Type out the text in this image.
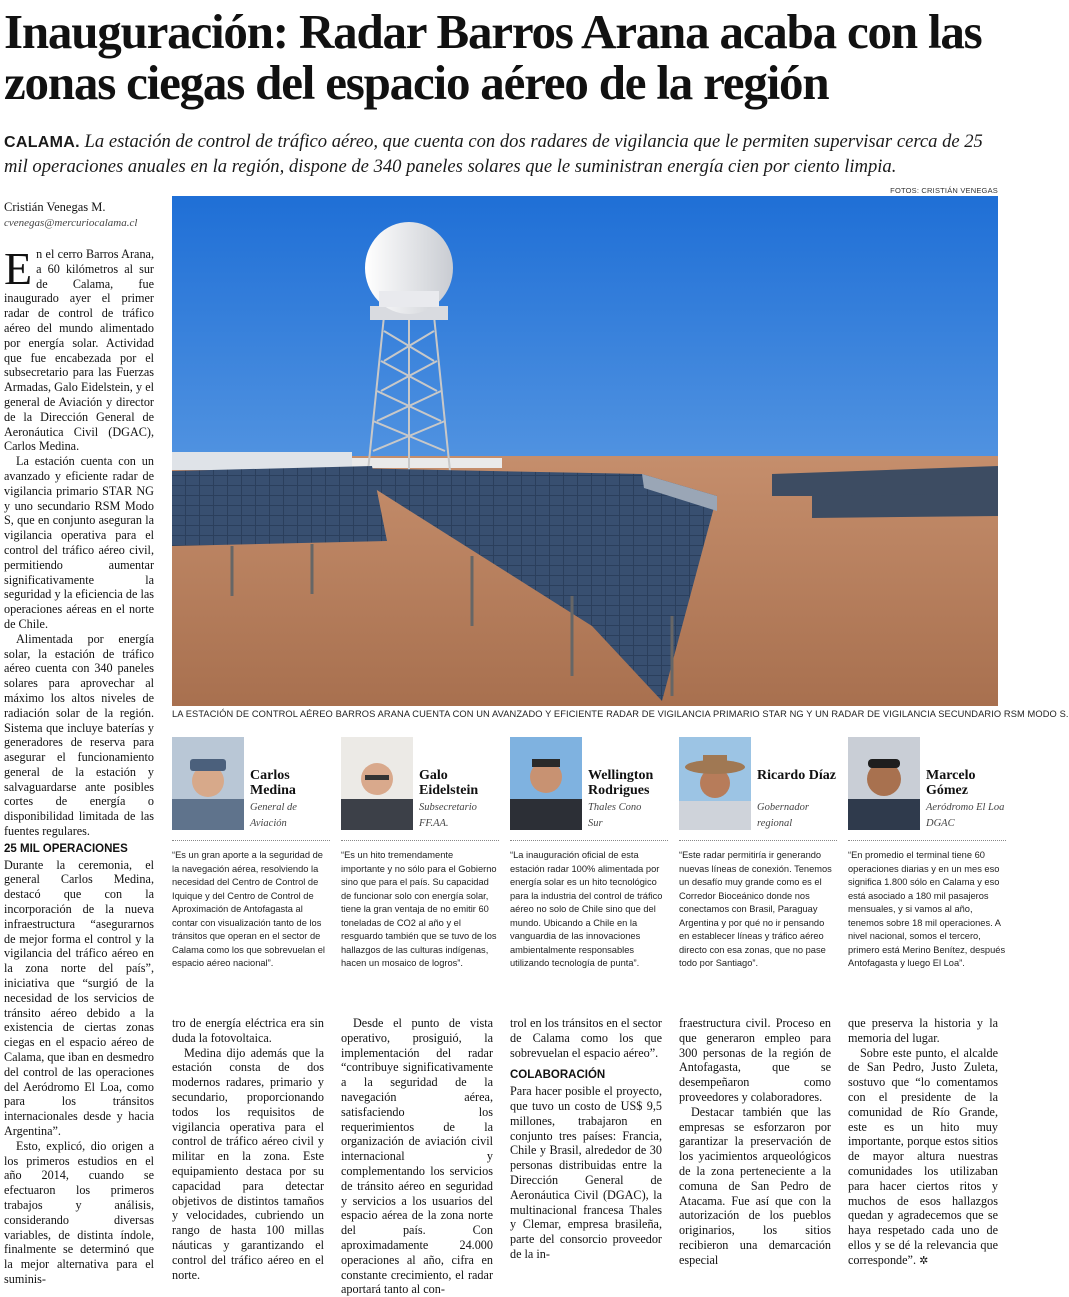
Inauguración: Radar Barros Arana acaba con las zonas ciegas del espacio aéreo de la región
CALAMA. La estación de control de tráfico aéreo, que cuenta con dos radares de vigilancia que le permiten supervisar cerca de 25 mil operaciones anuales en la región, dispone de 340 paneles solares que le suministran energía cien por ciento limpia.
Cristián Venegas M.
cvenegas@mercuriocalama.cl
FOTOS: CRISTIÁN VENEGAS
LA ESTACIÓN DE CONTROL AÉREO BARROS ARANA CUENTA CON UN AVANZADO Y EFICIENTE RADAR DE VIGILANCIA PRIMARIO STAR NG Y UN RADAR DE VIGILANCIA SECUNDARIO RSM MODO S.

En el cerro Barros Arana, a 60 kilómetros al sur de Calama, fue inaugurado ayer el primer radar de control de tráfico aéreo del mundo alimentado por energía solar. Actividad que fue encabezada por el subsecretario para las Fuerzas Armadas, Galo Eidelstein, y el general de Aviación y director de la Dirección General de Aeronáutica Civil (DGAC), Carlos Medina.

La estación cuenta con un avanzado y eficiente radar de vigilancia primario STAR NG y uno secundario RSM Modo S, que en conjunto aseguran la vigilancia operativa para el control del tráfico aéreo civil, permitiendo aumentar significativamente la seguridad y la eficiencia de las operaciones aéreas en el norte de Chile.

Alimentada por energía solar, la estación de tráfico aéreo cuenta con 340 paneles solares para aprovechar al máximo los altos niveles de radiación solar de la región. Sistema que incluye baterías y generadores de reserva para asegurar el funcionamiento general de la estación y salvaguardarse ante posibles cortes de energía o disponibilidad limitada de las fuentes regulares.

25 MIL OPERACIONES

Durante la ceremonia, el general Carlos Medina, destacó que con la incorporación de la nueva infraestructura “asegurarnos de mejor forma el control y la vigilancia del tráfico aéreo en la zona norte del país”, iniciativa que “surgió de la necesidad de los servicios de tránsito aéreo debido a la existencia de ciertas zonas ciegas en el espacio aéreo de Calama, que iban en desmedro del control de las operaciones del Aeródromo El Loa, como para los tránsitos internacionales desde y hacia Argentina”.

Esto, explicó, dio origen a los primeros estudios en el año 2014, cuando se efectuaron los primeros trabajos y análisis, considerando diversas variables, de distinta índole, finalmente se determinó que la mejor alternativa para el suminis-

Carlos Medina
General de Aviación
“Es un gran aporte a la seguridad de la navegación aérea, resolviendo la necesidad del Centro de Control de Iquique y del Centro de Control de Aproximación de Antofagasta al contar con visualización tanto de los tránsitos que operan en el sector de Calama como los que sobrevuelan el espacio aéreo nacional”.
Galo Eidelstein
Subsecretario FF.AA.
“Es un hito tremendamente importante y no sólo para el Gobierno sino que para el país. Su capacidad de funcionar solo con energía solar, tiene la gran ventaja de no emitir 60 toneladas de CO2 al año y el resguardo también que se tuvo de los hallazgos de las culturas indígenas, hacen un mosaico de logros”.
Wellington Rodrigues
Thales Cono Sur
“La inauguración oficial de esta estación radar 100% alimentada por energía solar es un hito tecnológico para la industria del control de tráfico aéreo no solo de Chile sino que del mundo. Ubicando a Chile en la vanguardia de las innovaciones ambientalmente responsables utilizando tecnología de punta”.
Ricardo Díaz
Gobernador regional
“Este radar permitiría ir generando nuevas líneas de conexión. Tenemos un desafío muy grande como es el Corredor Bioceánico donde nos conectamos con Brasil, Paraguay Argentina y por qué no ir pensando en establecer líneas y tráfico aéreo directo con esa zonas, que no pase todo por Santiago”.
Marcelo Gómez
Aeródromo El Loa DGAC
“En promedio el terminal tiene 60 operaciones diarias y en un mes eso significa 1.800 sólo en Calama y eso está asociado a 180 mil pasajeros mensuales, y si vamos al año, tenemos sobre 18 mil operaciones. A nivel nacional, somos el tercero, primero está Merino Benítez, después Antofagasta y luego El Loa”.

tro de energía eléctrica era sin duda la fotovoltaica.

Medina dijo además que la estación consta de dos modernos radares, primario y secundario, proporcionando todos los requisitos de vigilancia operativa para el control de tráfico aéreo civil y militar en la zona. Este equipamiento destaca por su capacidad para detectar objetivos de distintos tamaños y velocidades, cubriendo un rango de hasta 100 millas náuticas y garantizando el control del tráfico aéreo en el norte.

Desde el punto de vista operativo, prosiguió, la implementación del radar “contribuye significativamente a la seguridad de la navegación aérea, satisfaciendo los requerimientos de la organización de aviación civil internacional y complementando los servicios de tránsito aéreo en seguridad y servicios a los usuarios del espacio aérea de la zona norte del país. Con aproximadamente 24.000 operaciones al año, cifra en constante crecimiento, el radar aportará tanto al con-

trol en los tránsitos en el sector de Calama como los que sobrevuelan el espacio aéreo”.

COLABORACIÓN

Para hacer posible el proyecto, que tuvo un costo de US$ 9,5 millones, trabajaron en conjunto tres países: Francia, Chile y Brasil, alrededor de 30 personas distribuidas entre la Dirección General de Aeronáutica Civil (DGAC), la multinacional francesa Thales y Clemar, empresa brasileña, parte del consorcio proveedor de la in-

fraestructura civil. Proceso en que generaron empleo para 300 personas de la región de Antofagasta, que se desempeñaron como proveedores y colaboradores.

Destacar también que las empresas se esforzaron por garantizar la preservación de los yacimientos arqueológicos de la zona perteneciente a la comuna de San Pedro de Atacama. Fue así que con la autorización de los pueblos originarios, los sitios recibieron una demarcación especial

que preserva la historia y la memoria del lugar.

Sobre este punto, el alcalde de San Pedro, Justo Zuleta, sostuvo que “lo comentamos con el presidente de la comunidad de Río Grande, este es un hito muy importante, porque estos sitios de mayor altura nuestras comunidades los utilizaban para hacer ciertos ritos y muchos de esos hallazgos quedan y agradecemos que se haya respetado cada uno de ellos y se dé la relevancia que corresponde”. ✲
